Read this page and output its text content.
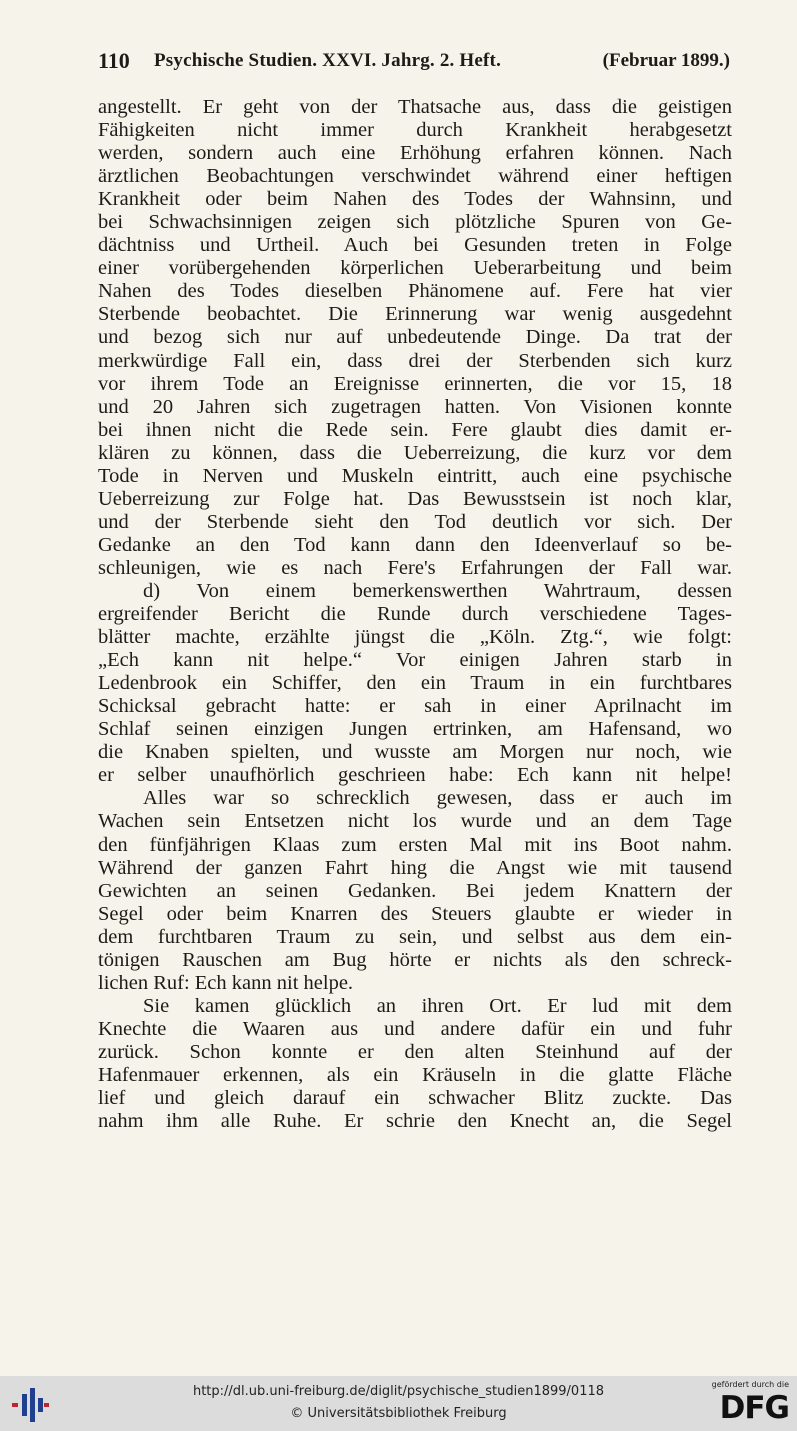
110 Psychische Studien. XXVI. Jahrg. 2. Heft.	(Februar 1899.)
angestellt. Er geht von der Thatsache aus, dass die geistigen
Fähigkeiten nicht immer durch Krankheit herabgesetzt
werden, sondern auch eine Erhöhung erfahren können. Nach
ärztlichen Beobachtungen verschwindet während einer heftigen
Krankheit oder beim Nahen des Todes der Wahnsinn, und
bei Schwachsinnigen zeigen sich plötzliche Spuren von Ge-
dächtniss und Urtheil. Auch bei Gesunden treten in Folge
einer vorübergehenden körperlichen Ueberarbeitung und beim
Nahen des Todes dieselben Phänomene auf. Fere hat vier
Sterbende beobachtet. Die Erinnerung war wenig ausgedehnt
und bezog sich nur auf unbedeutende Dinge. Da trat der
merkwürdige Fall ein, dass drei der Sterbenden sich kurz
vor ihrem Tode an Ereignisse erinnerten, die vor 15, 18
und 20 Jahren sich zugetragen hatten. Von Visionen konnte
bei ihnen nicht die Rede sein. Fere glaubt dies damit er-
klären zu können, dass die Ueberreizung, die kurz vor dem
Tode in Nerven und Muskeln eintritt, auch eine psychische
Ueberreizung zur Folge hat. Das Bewusstsein ist noch klar,
und der Sterbende sieht den Tod deutlich vor sich. Der
Gedanke an den Tod kann dann den Ideenverlauf so be-
schleunigen, wie es nach Fere's Erfahrungen der Fall war.
d) Von einem bemerkenswerthen Wahrtraum, dessen
ergreifender Bericht die Runde durch verschiedene Tages-
blätter machte, erzählte jüngst die „Köln. Ztg.“, wie folgt:
„Ech kann nit helpe.“ Vor einigen Jahren starb in
Ledenbrook ein Schiffer, den ein Traum in ein furchtbares
Schicksal gebracht hatte: er sah in einer Aprilnacht im
Schlaf seinen einzigen Jungen ertrinken, am Hafensand, wo
die Knaben spielten, und wusste am Morgen nur noch, wie
er selber unaufhörlich geschrieen habe: Ech kann nit helpe!
Alles war so schrecklich gewesen, dass er auch im
Wachen sein Entsetzen nicht los wurde und an dem Tage
den fünfjährigen Klaas zum ersten Mal mit ins Boot nahm.
Während der ganzen Fahrt hing die Angst wie mit tausend
Gewichten an seinen Gedanken. Bei jedem Knattern der
Segel oder beim Knarren des Steuers glaubte er wieder in
dem furchtbaren Traum zu sein, und selbst aus dem ein-
tönigen Rauschen am Bug hörte er nichts als den schreck-
lichen Ruf: Ech kann nit helpe.
Sie kamen glücklich an ihren Ort. Er lud mit dem
Knechte die Waaren aus und andere dafür ein und fuhr
zurück. Schon konnte er den alten Steinhund auf der
Hafenmauer erkennen, als ein Kräuseln in die glatte Fläche
lief und gleich darauf ein schwacher Blitz zuckte. Das
nahm ihm alle Ruhe. Er schrie den Knecht an, die Segel
http://dl.ub.uni-freiburg.de/diglit/psychische_studien1899/0118
© Universitätsbibliothek Freiburg
gefördert durch die
DFG
